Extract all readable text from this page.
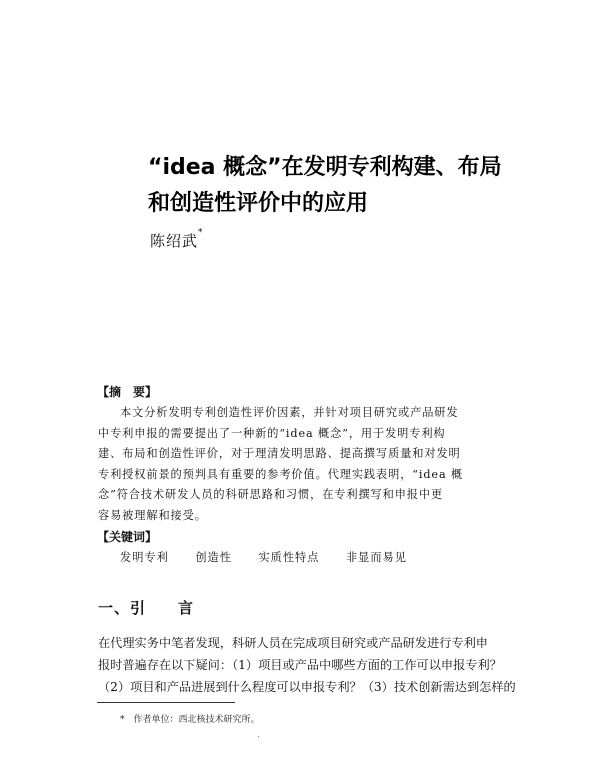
“idea 概念”在发明专利构建、布局
和创造性评价中的应用
陈绍武*
【摘　要】
本文分析发明专利创造性评价因素，并针对项目研究或产品研发
中专利申报的需要提出了一种新的“idea 概念”，用于发明专利构
建、布局和创造性评价，对于理清发明思路、提高撰写质量和对发明
专利授权前景的预判具有重要的参考价值。代理实践表明，“idea 概
念”符合技术研发人员的科研思路和习惯，在专利撰写和申报中更
容易被理解和接受。
【关键词】
发明专利 创造性 实质性特点 非显而易见
一、引　　言
在代理实务中笔者发现，科研人员在完成项目研究或产品研发进行专利申
报时普遍存在以下疑问：（1）项目或产品中哪些方面的工作可以申报专利？
（2）项目和产品进展到什么程度可以申报专利？（3）技术创新需达到怎样的
*　作者单位：西北核技术研究所。
